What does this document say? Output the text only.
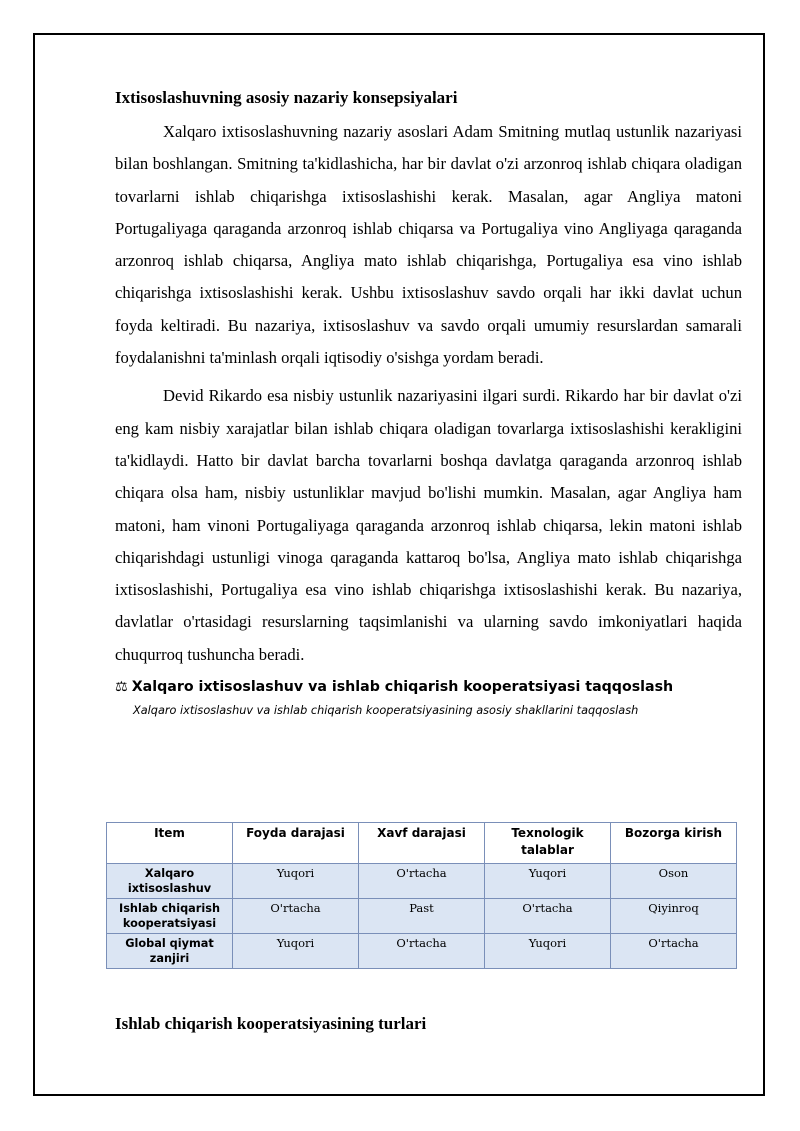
Ixtisoslashuvning asosiy nazariy konsepsiyalari

Xalqaro ixtisoslashuvning nazariy asoslari Adam Smitning mutlaq ustunlik nazariyasi bilan boshlangan. Smitning ta'kidlashicha, har bir davlat o'zi arzonroq ishlab chiqara oladigan tovarlarni ishlab chiqarishga ixtisoslashishi kerak. Masalan, agar Angliya matoni Portugaliyaga qaraganda arzonroq ishlab chiqarsa va Portugaliya vino Angliyaga qaraganda arzonroq ishlab chiqarsa, Angliya mato ishlab chiqarishga, Portugaliya esa vino ishlab chiqarishga ixtisoslashishi kerak. Ushbu ixtisoslashuv savdo orqali har ikki davlat uchun foyda keltiradi. Bu nazariya, ixtisoslashuv va savdo orqali umumiy resurslardan samarali foydalanishni ta'minlash orqali iqtisodiy o'sishga yordam beradi.

Devid Rikardo esa nisbiy ustunlik nazariyasini ilgari surdi. Rikardo har bir davlat o'zi eng kam nisbiy xarajatlar bilan ishlab chiqara oladigan tovarlarga ixtisoslashishi kerakligini ta'kidlaydi. Hatto bir davlat barcha tovarlarni boshqa davlatga qaraganda arzonroq ishlab chiqara olsa ham, nisbiy ustunliklar mavjud bo'lishi mumkin. Masalan, agar Angliya ham matoni, ham vinoni Portugaliyaga qaraganda arzonroq ishlab chiqarsa, lekin matoni ishlab chiqarishdagi ustunligi vinoga qaraganda kattaroq bo'lsa, Angliya mato ishlab chiqarishga ixtisoslashishi, Portugaliya esa vino ishlab chiqarishga ixtisoslashishi kerak. Bu nazariya, davlatlar o'rtasidagi resurslarning taqsimlanishi va ularning savdo imkoniyatlari haqida chuqurroq tushuncha beradi.

⚖ Xalqaro ixtisoslashuv va ishlab chiqarish kooperatsiyasi taqqoslash
Xalqaro ixtisoslashuv va ishlab chiqarish kooperatsiyasining asosiy shakllarini taqqoslash
Item	Foyda darajasi	Xavf darajasi	Texnologik talablar	Bozorga kirish
Xalqaro ixtisoslashuv	Yuqori	O'rtacha	Yuqori	Oson
Ishlab chiqarish kooperatsiyasi	O'rtacha	Past	O'rtacha	Qiyinroq
Global qiymat zanjiri	Yuqori	O'rtacha	Yuqori	O'rtacha
Ishlab chiqarish kooperatsiyasining turlari
